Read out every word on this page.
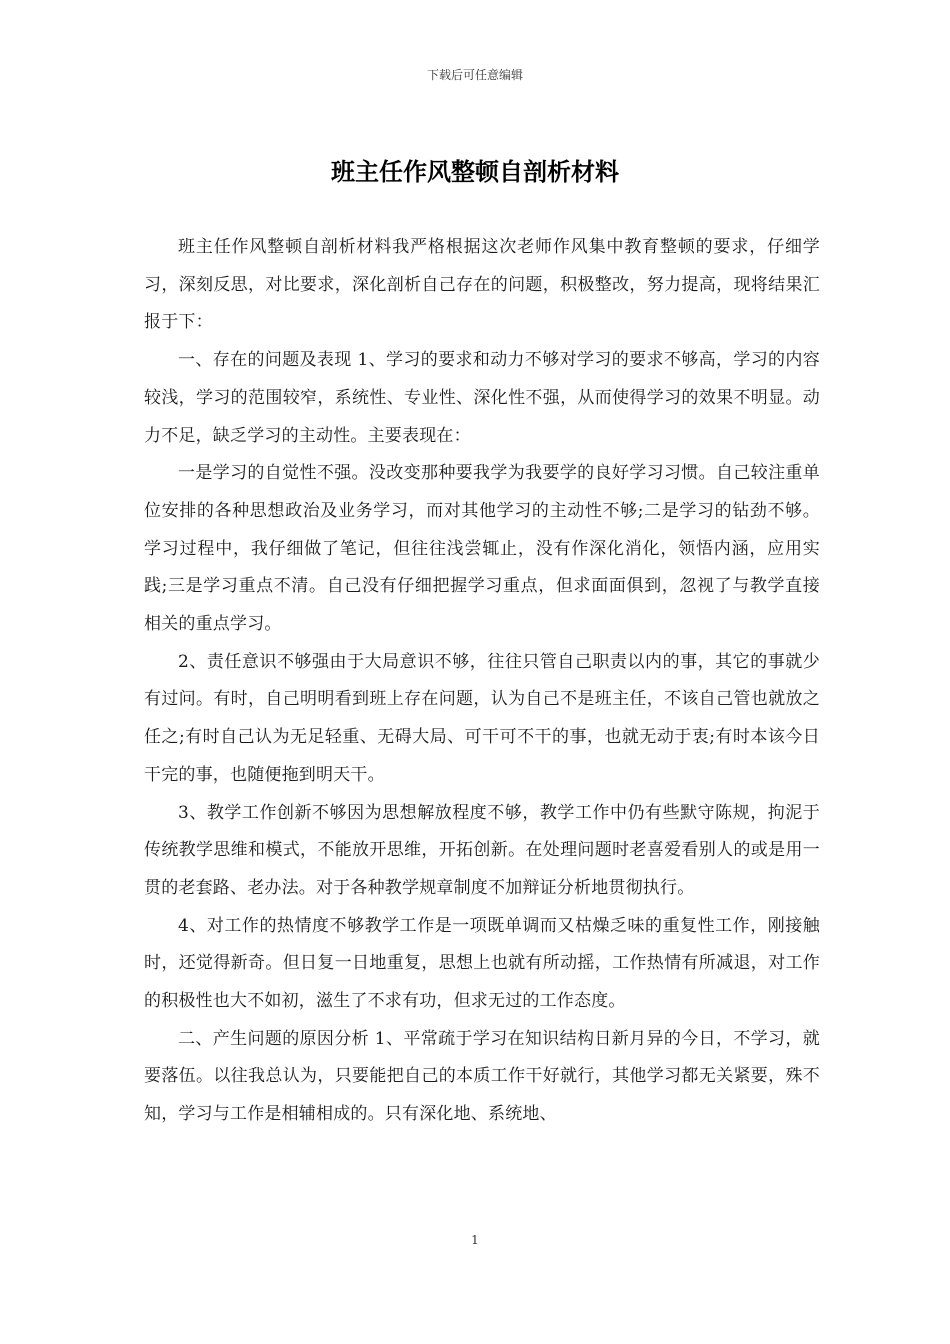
下载后可任意编辑
班主任作风整顿自剖析材料

班主任作风整顿自剖析材料我严格根据这次老师作风集中教育整顿的要求，仔细学习，深刻反思，对比要求，深化剖析自己存在的问题，积极整改，努力提高，现将结果汇报于下：

一、存在的问题及表现 1、学习的要求和动力不够对学习的要求不够高，学习的内容较浅，学习的范围较窄，系统性、专业性、深化性不强，从而使得学习的效果不明显。动力不足，缺乏学习的主动性。主要表现在：

一是学习的自觉性不强。没改变那种要我学为我要学的良好学习习惯。自己较注重单位安排的各种思想政治及业务学习，而对其他学习的主动性不够;二是学习的钻劲不够。学习过程中，我仔细做了笔记，但往往浅尝辄止，没有作深化消化，领悟内涵，应用实践;三是学习重点不清。自己没有仔细把握学习重点，但求面面俱到，忽视了与教学直接相关的重点学习。

2、责任意识不够强由于大局意识不够，往往只管自己职责以内的事，其它的事就少有过问。有时，自己明明看到班上存在问题，认为自己不是班主任，不该自己管也就放之任之;有时自己认为无足轻重、无碍大局、可干可不干的事，也就无动于衷;有时本该今日干完的事，也随便拖到明天干。

3、教学工作创新不够因为思想解放程度不够，教学工作中仍有些默守陈规，拘泥于传统教学思维和模式，不能放开思维，开拓创新。在处理问题时老喜爱看别人的或是用一贯的老套路、老办法。对于各种教学规章制度不加辩证分析地贯彻执行。

4、对工作的热情度不够教学工作是一项既单调而又枯燥乏味的重复性工作，刚接触时，还觉得新奇。但日复一日地重复，思想上也就有所动摇，工作热情有所减退，对工作的积极性也大不如初，滋生了不求有功，但求无过的工作态度。

二、产生问题的原因分析 1、平常疏于学习在知识结构日新月异的今日，不学习，就要落伍。以往我总认为，只要能把自己的本质工作干好就行，其他学习都无关紧要，殊不知，学习与工作是相辅相成的。只有深化地、系统地、

1
